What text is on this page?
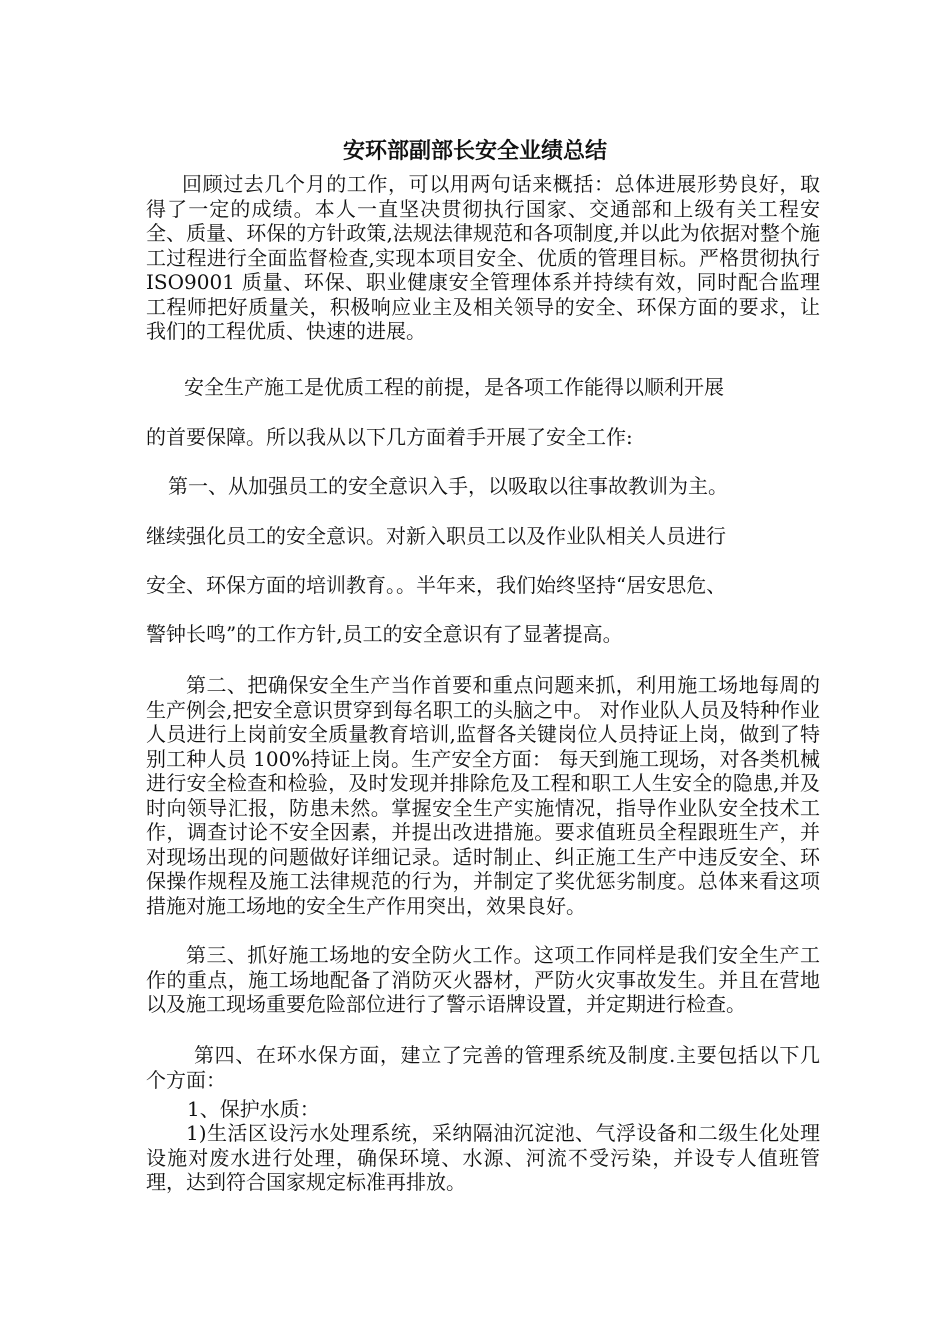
安环部副部长安全业绩总结

回顾过去几个月的工作，可以用两句话来概括：总体进展形势良好，取得了一定的成绩。本人一直坚决贯彻执行国家、交通部和上级有关工程安全、质量、环保的方针政策,法规法律规范和各项制度,并以此为依据对整个施工过程进行全面监督检查,实现本项目安全、优质的管理目标。严格贯彻执行 ISO9001 质量、环保、职业健康安全管理体系并持续有效，同时配合监理工程师把好质量关，积极响应业主及相关领导的安全、环保方面的要求，让我们的工程优质、快速的进展。

安全生产施工是优质工程的前提，是各项工作能得以顺利开展

的首要保障。所以我从以下几方面着手开展了安全工作:

第一、从加强员工的安全意识入手，以吸取以往事故教训为主。

继续强化员工的安全意识。对新入职员工以及作业队相关人员进行

安全、环保方面的培训教育。。半年来，我们始终坚持“居安思危、

警钟长鸣”的工作方针,员工的安全意识有了显著提高。

第二、把确保安全生产当作首要和重点问题来抓，利用施工场地每周的生产例会,把安全意识贯穿到每名职工的头脑之中。 对作业队人员及特种作业人员进行上岗前安全质量教育培训,监督各关键岗位人员持证上岗，做到了特别工种人员 100%持证上岗。生产安全方面： 每天到施工现场，对各类机械进行安全检查和检验，及时发现并排除危及工程和职工人生安全的隐患,并及时向领导汇报，防患未然。掌握安全生产实施情况，指导作业队安全技术工作，调查讨论不安全因素，并提出改进措施。要求值班员全程跟班生产，并对现场出现的问题做好详细记录。适时制止、纠正施工生产中违反安全、环保操作规程及施工法律规范的行为，并制定了奖优惩劣制度。总体来看这项措施对施工场地的安全生产作用突出，效果良好。

第三、抓好施工场地的安全防火工作。这项工作同样是我们安全生产工作的重点，施工场地配备了消防灭火器材，严防火灾事故发生。并且在营地以及施工现场重要危险部位进行了警示语牌设置，并定期进行检查。

第四、在环水保方面，建立了完善的管理系统及制度.主要包括以下几个方面：

1、保护水质：

1)生活区设污水处理系统，采纳隔油沉淀池、气浮设备和二级生化处理设施对废水进行处理，确保环境、水源、河流不受污染，并设专人值班管理，达到符合国家规定标准再排放。
